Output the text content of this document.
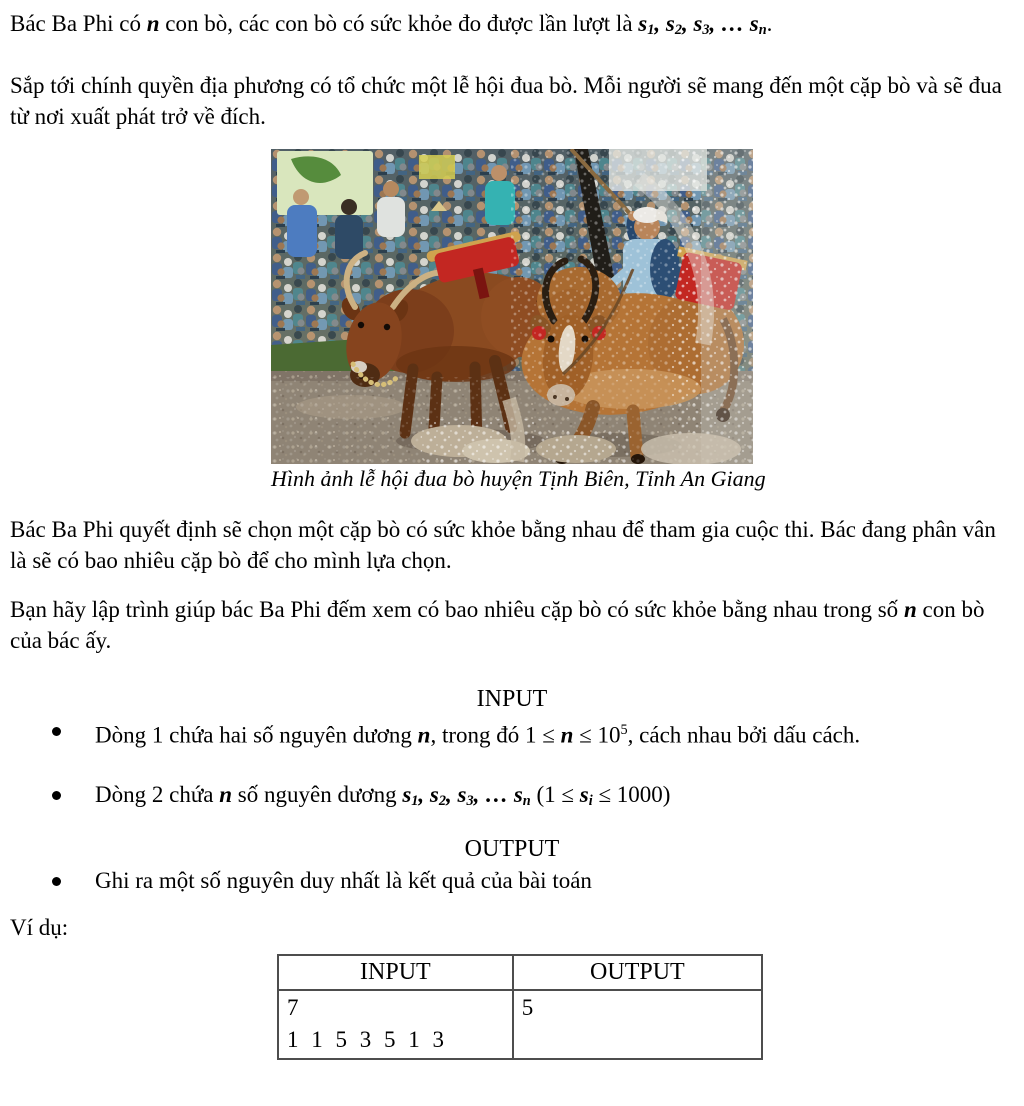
Bác Ba Phi có n con bò, các con bò có sức khỏe đo được lần lượt là s1, s2, s3, … sn.

Sắp tới chính quyền địa phương có tổ chức một lễ hội đua bò. Mỗi người sẽ mang đến một cặp bò và sẽ đua từ nơi xuất phát trở về đích.

Hình ảnh lễ hội đua bò huyện Tịnh Biên, Tỉnh An Giang

Bác Ba Phi quyết định sẽ chọn một cặp bò có sức khỏe bằng nhau để tham gia cuộc thi. Bác đang phân vân là sẽ có bao nhiêu cặp bò để cho mình lựa chọn.

Bạn hãy lập trình giúp bác Ba Phi đếm xem có bao nhiêu cặp bò có sức khỏe bằng nhau trong số n con bò của bác ấy.

INPUT
Dòng 1 chứa hai số nguyên dương n, trong đó $1 \le n \le 10^5$, cách nhau bởi dấu cách.
Dòng 2 chứa n số nguyên dương s1, s2, s3, … sn (1 ≤ si ≤ 1000)
OUTPUT
Ghi ra một số nguyên duy nhất là kết quả của bài toán

Ví dụ:

INPUT	OUTPUT

7
1 1 5 3 5 1 3	5
